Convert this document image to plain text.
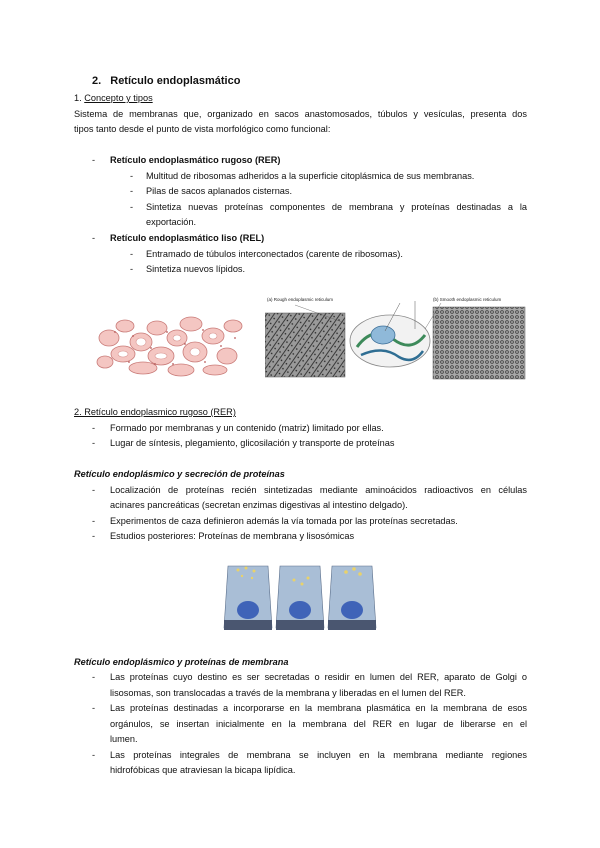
2. Retículo endoplasmático
1. Concepto y tipos
Sistema de membranas que, organizado en sacos anastomosados, túbulos y vesículas, presenta dos
tipos tanto desde el punto de vista morfológico como funcional:
-	Retículo endoplasmático rugoso (RER)
-	Multitud de ribosomas adheridos a la superficie citoplásmica de sus membranas.
-	Pilas de sacos aplanados cisternas.
-	Sintetiza nuevas proteínas componentes de membrana y proteínas destinadas a la
exportación.
-	Retículo endoplasmático liso (REL)
-	Entramado de túbulos interconectados (carente de ribosomas).
-	Sintetiza nuevos lípidos.
(a) Rough endoplasmic reticulum	(b) Smooth endoplasmic reticulum
2. Retículo endoplasmico rugoso (RER)
-	Formado por membranas y un contenido (matriz) limitado por ellas.
-	Lugar de síntesis, plegamiento, glicosilación y transporte de proteínas
Retículo endoplásmico y secreción de proteínas
-	Localización de proteínas recién sintetizadas mediante aminoácidos radioactivos en células
acinares pancreáticas (secretan enzimas digestivas al intestino delgado).
-	Experimentos de caza definieron además la vía tomada por las proteínas secretadas.
-	Estudios posteriores: Proteínas de membrana y lisosómicas
Retículo endoplásmico y proteínas de membrana
-	Las proteínas cuyo destino es ser secretadas o residir en lumen del RER, aparato de Golgi o
lisosomas, son translocadas a través de la membrana y liberadas en el lumen del RER.
-	Las proteínas destinadas a incorporarse en la membrana plasmática en la membrana de esos
orgánulos, se insertan inicialmente en la membrana del RER en lugar de liberarse en el
lumen.
-	Las proteínas integrales de membrana se incluyen en la membrana mediante regiones
hidrofóbicas que atraviesan la bicapa lipídica.
